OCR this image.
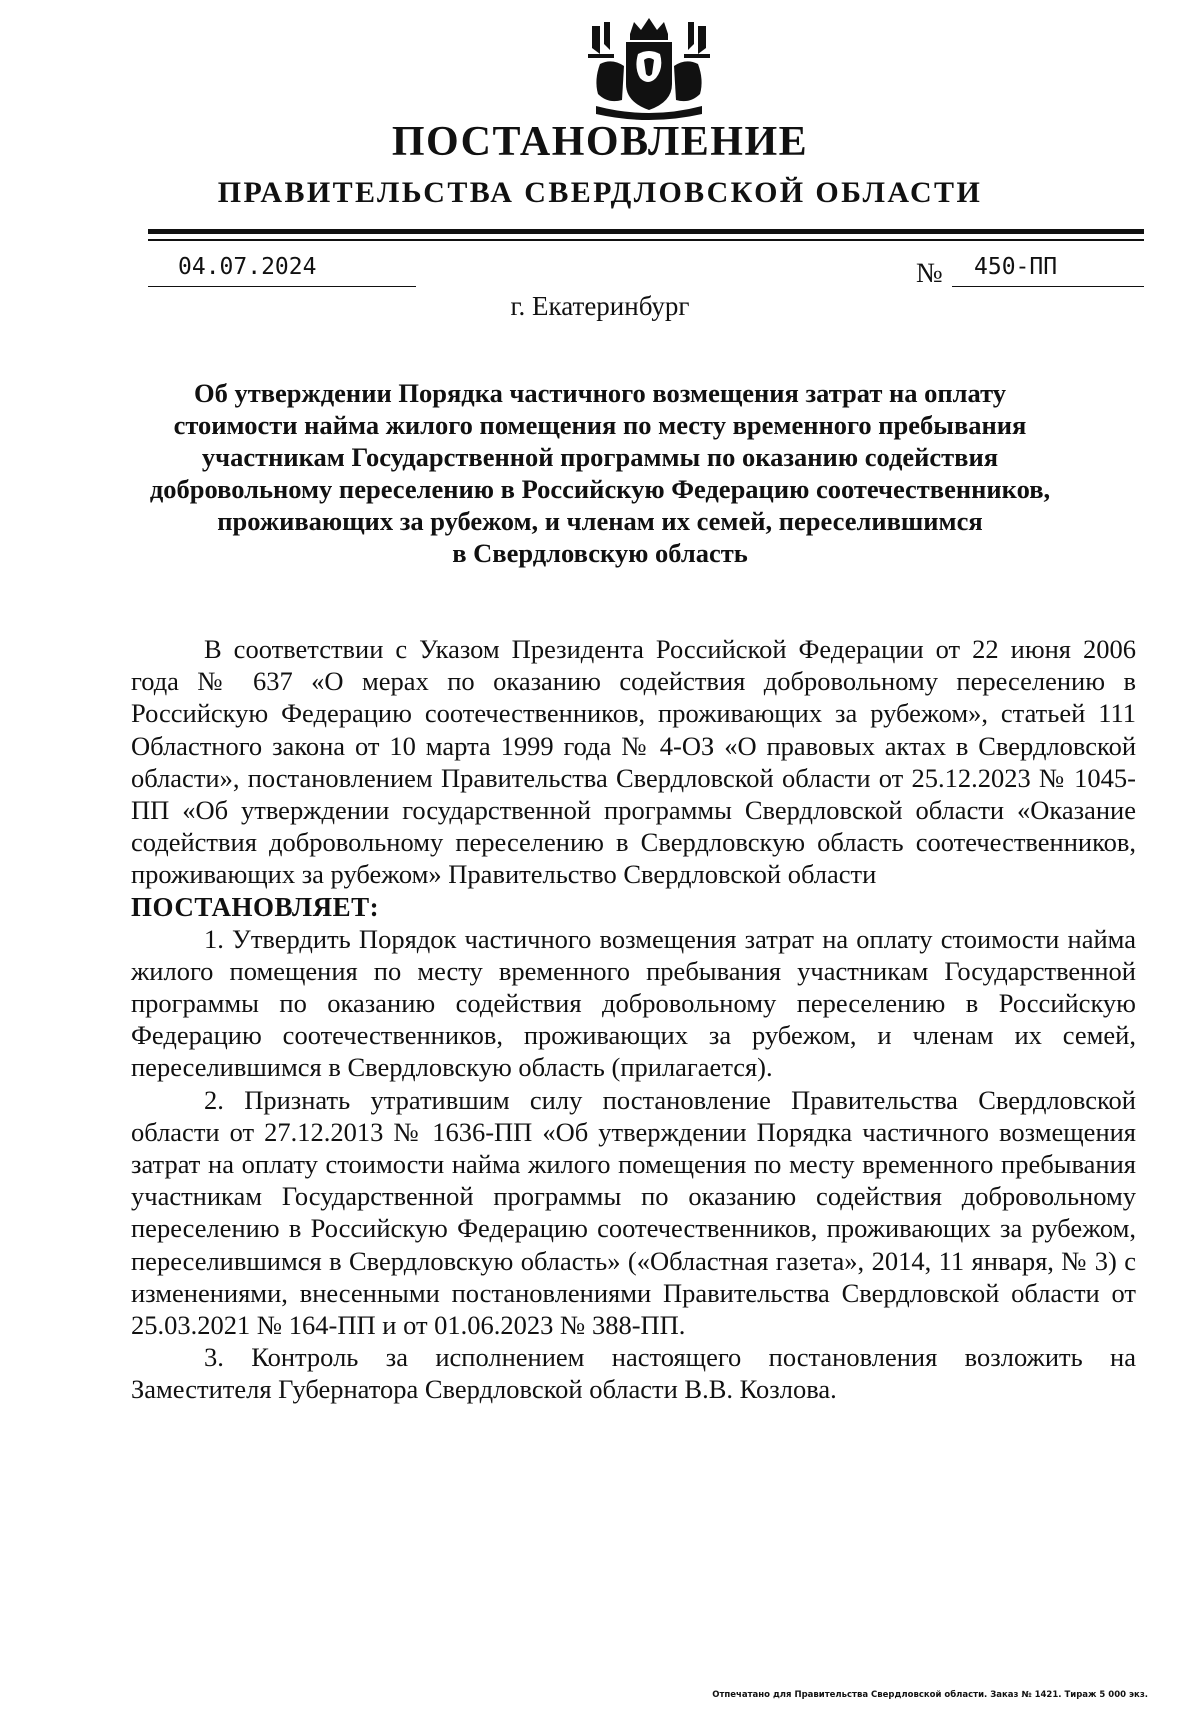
ПОСТАНОВЛЕНИЕ
ПРАВИТЕЛЬСТВА СВЕРДЛОВСКОЙ ОБЛАСТИ
04.07.2024	№ 450-ПП
г. Екатеринбург
Об утверждении Порядка частичного возмещения затрат на оплату
стоимости найма жилого помещения по месту временного пребывания
участникам Государственной программы по оказанию содействия
добровольному переселению в Российскую Федерацию соотечественников,
проживающих за рубежом, и членам их семей, переселившимся
в Свердловскую область

В соответствии с Указом Президента Российской Федерации от 22 июня 2006 года № 637 «О мерах по оказанию содействия добровольному переселению в Российскую Федерацию соотечественников, проживающих за рубежом», статьей 111 Областного закона от 10 марта 1999 года № 4-ОЗ «О правовых актах в Свердловской области», постановлением Правительства Свердловской области от 25.12.2023 № 1045-ПП «Об утверждении государственной программы Свердловской области «Оказание содействия добровольному переселению в Свердловскую область соотечественников, проживающих за рубежом» Правительство Свердловской области

ПОСТАНОВЛЯЕТ:

1. Утвердить Порядок частичного возмещения затрат на оплату стоимости найма жилого помещения по месту временного пребывания участникам Государственной программы по оказанию содействия добровольному переселению в Российскую Федерацию соотечественников, проживающих за рубежом, и членам их семей, переселившимся в Свердловскую область (прилагается).

2. Признать утратившим силу постановление Правительства Свердловской области от 27.12.2013 № 1636-ПП «Об утверждении Порядка частичного возмещения затрат на оплату стоимости найма жилого помещения по месту временного пребывания участникам Государственной программы по оказанию содействия добровольному переселению в Российскую Федерацию соотечественников, проживающих за рубежом, переселившимся в Свердловскую область» («Областная газета», 2014, 11 января, № 3) с изменениями, внесенными постановлениями Правительства Свердловской области от 25.03.2021 № 164-ПП и от 01.06.2023 № 388-ПП.

3. Контроль за исполнением настоящего постановления возложить на Заместителя Губернатора Свердловской области В.В. Козлова.

Отпечатано для Правительства Свердловской области. Заказ № 1421. Тираж 5 000 экз.
